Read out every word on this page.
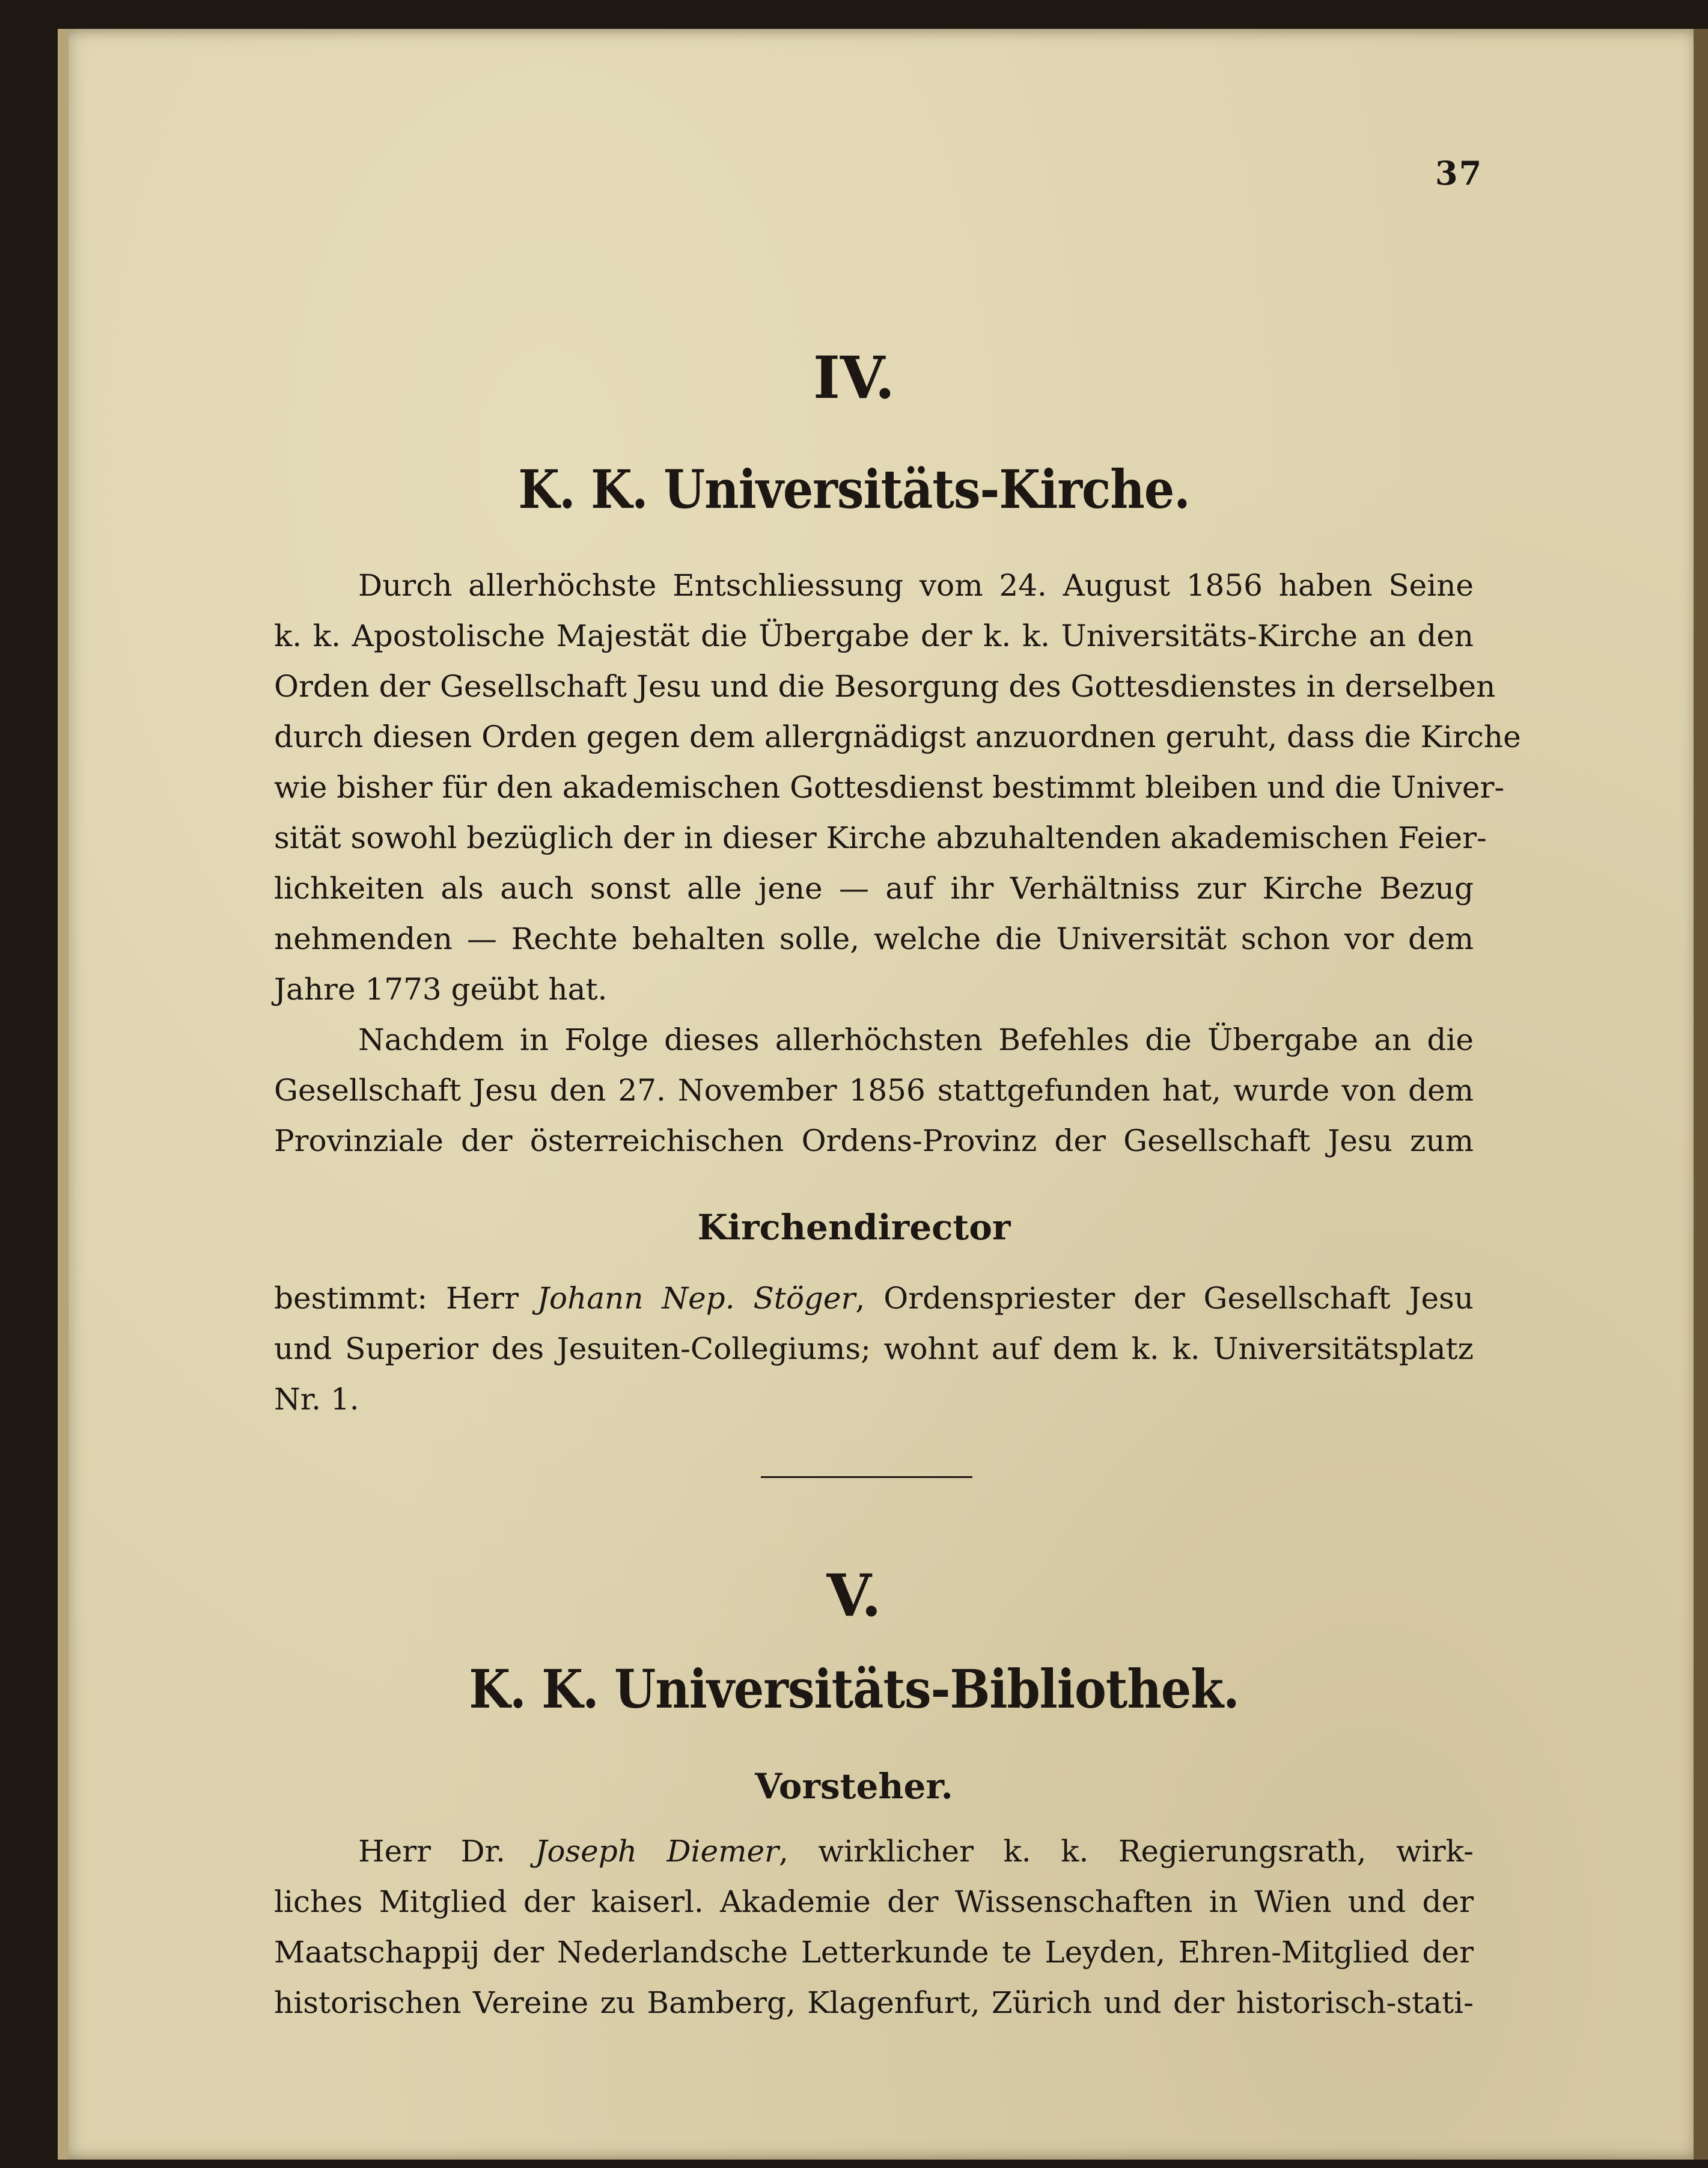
37

IV.

K. K. Universitäts-Kirche.

Durch allerhöchste Entschliessung vom 24. August 1856 haben Seine

k. k. Apostolische Majestät die Übergabe der k. k. Universitäts-Kirche an den

Orden der Gesellschaft Jesu und die Besorgung des Gottesdienstes in derselben

durch diesen Orden gegen dem allergnädigst anzuordnen geruht, dass die Kirche

wie bisher für den akademischen Gottesdienst bestimmt bleiben und die Univer-

sität sowohl bezüglich der in dieser Kirche abzuhaltenden akademischen Feier-

lichkeiten als auch sonst alle jene — auf ihr Verhältniss zur Kirche Bezug

nehmenden — Rechte behalten solle, welche die Universität schon vor dem

Jahre 1773 geübt hat.

Nachdem in Folge dieses allerhöchsten Befehles die Übergabe an die

Gesellschaft Jesu den 27. November 1856 stattgefunden hat, wurde von dem

Provinziale der österreichischen Ordens-Provinz der Gesellschaft Jesu zum

Kirchendirector

bestimmt: Herr Johann Nep. Stöger, Ordenspriester der Gesellschaft Jesu

und Superior des Jesuiten-Collegiums; wohnt auf dem k. k. Universitätsplatz

Nr. 1.

V.

K. K. Universitäts-Bibliothek.

Vorsteher.

Herr Dr. Joseph Diemer, wirklicher k. k. Regierungsrath, wirk-

liches Mitglied der kaiserl. Akademie der Wissenschaften in Wien und der

Maatschappij der Nederlandsche Letterkunde te Leyden, Ehren-Mitglied der

historischen Vereine zu Bamberg, Klagenfurt, Zürich und der historisch-stati-
